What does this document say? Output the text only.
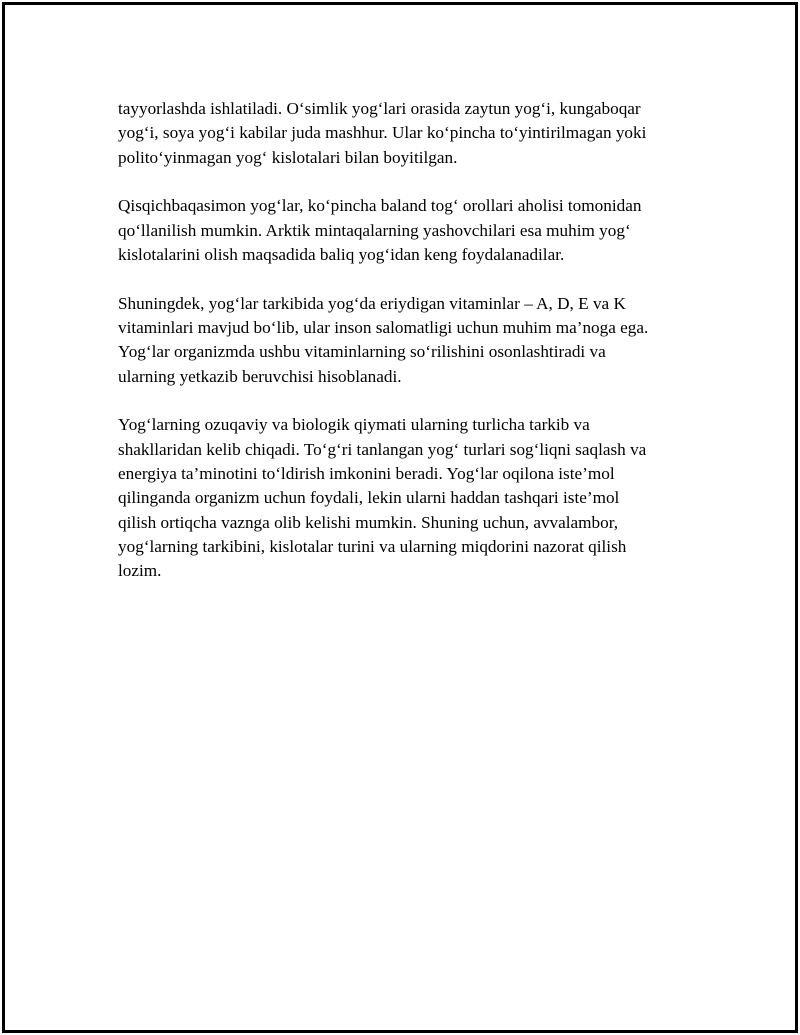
tayyorlashda ishlatiladi. O‘simlik yog‘lari orasida zaytun yog‘i, kungaboqar
yog‘i, soya yog‘i kabilar juda mashhur. Ular ko‘pincha to‘yintirilmagan yoki
polito‘yinmagan yog‘ kislotalari bilan boyitilgan.

Qisqichbaqasimon yog‘lar, ko‘pincha baland tog‘ orollari aholisi tomonidan
qo‘llanilish mumkin. Arktik mintaqalarning yashovchilari esa muhim yog‘
kislotalarini olish maqsadida baliq yog‘idan keng foydalanadilar.

Shuningdek, yog‘lar tarkibida yog‘da eriydigan vitaminlar – A, D, E va K
vitaminlari mavjud bo‘lib, ular inson salomatligi uchun muhim ma’noga ega.
Yog‘lar organizmda ushbu vitaminlarning so‘rilishini osonlashtiradi va
ularning yetkazib beruvchisi hisoblanadi.

Yog‘larning ozuqaviy va biologik qiymati ularning turlicha tarkib va
shakllaridan kelib chiqadi. To‘g‘ri tanlangan yog‘ turlari sog‘liqni saqlash va
energiya ta’minotini to‘ldirish imkonini beradi. Yog‘lar oqilona iste’mol
qilinganda organizm uchun foydali, lekin ularni haddan tashqari iste’mol
qilish ortiqcha vaznga olib kelishi mumkin. Shuning uchun, avvalambor,
yog‘larning tarkibini, kislotalar turini va ularning miqdorini nazorat qilish
lozim.
